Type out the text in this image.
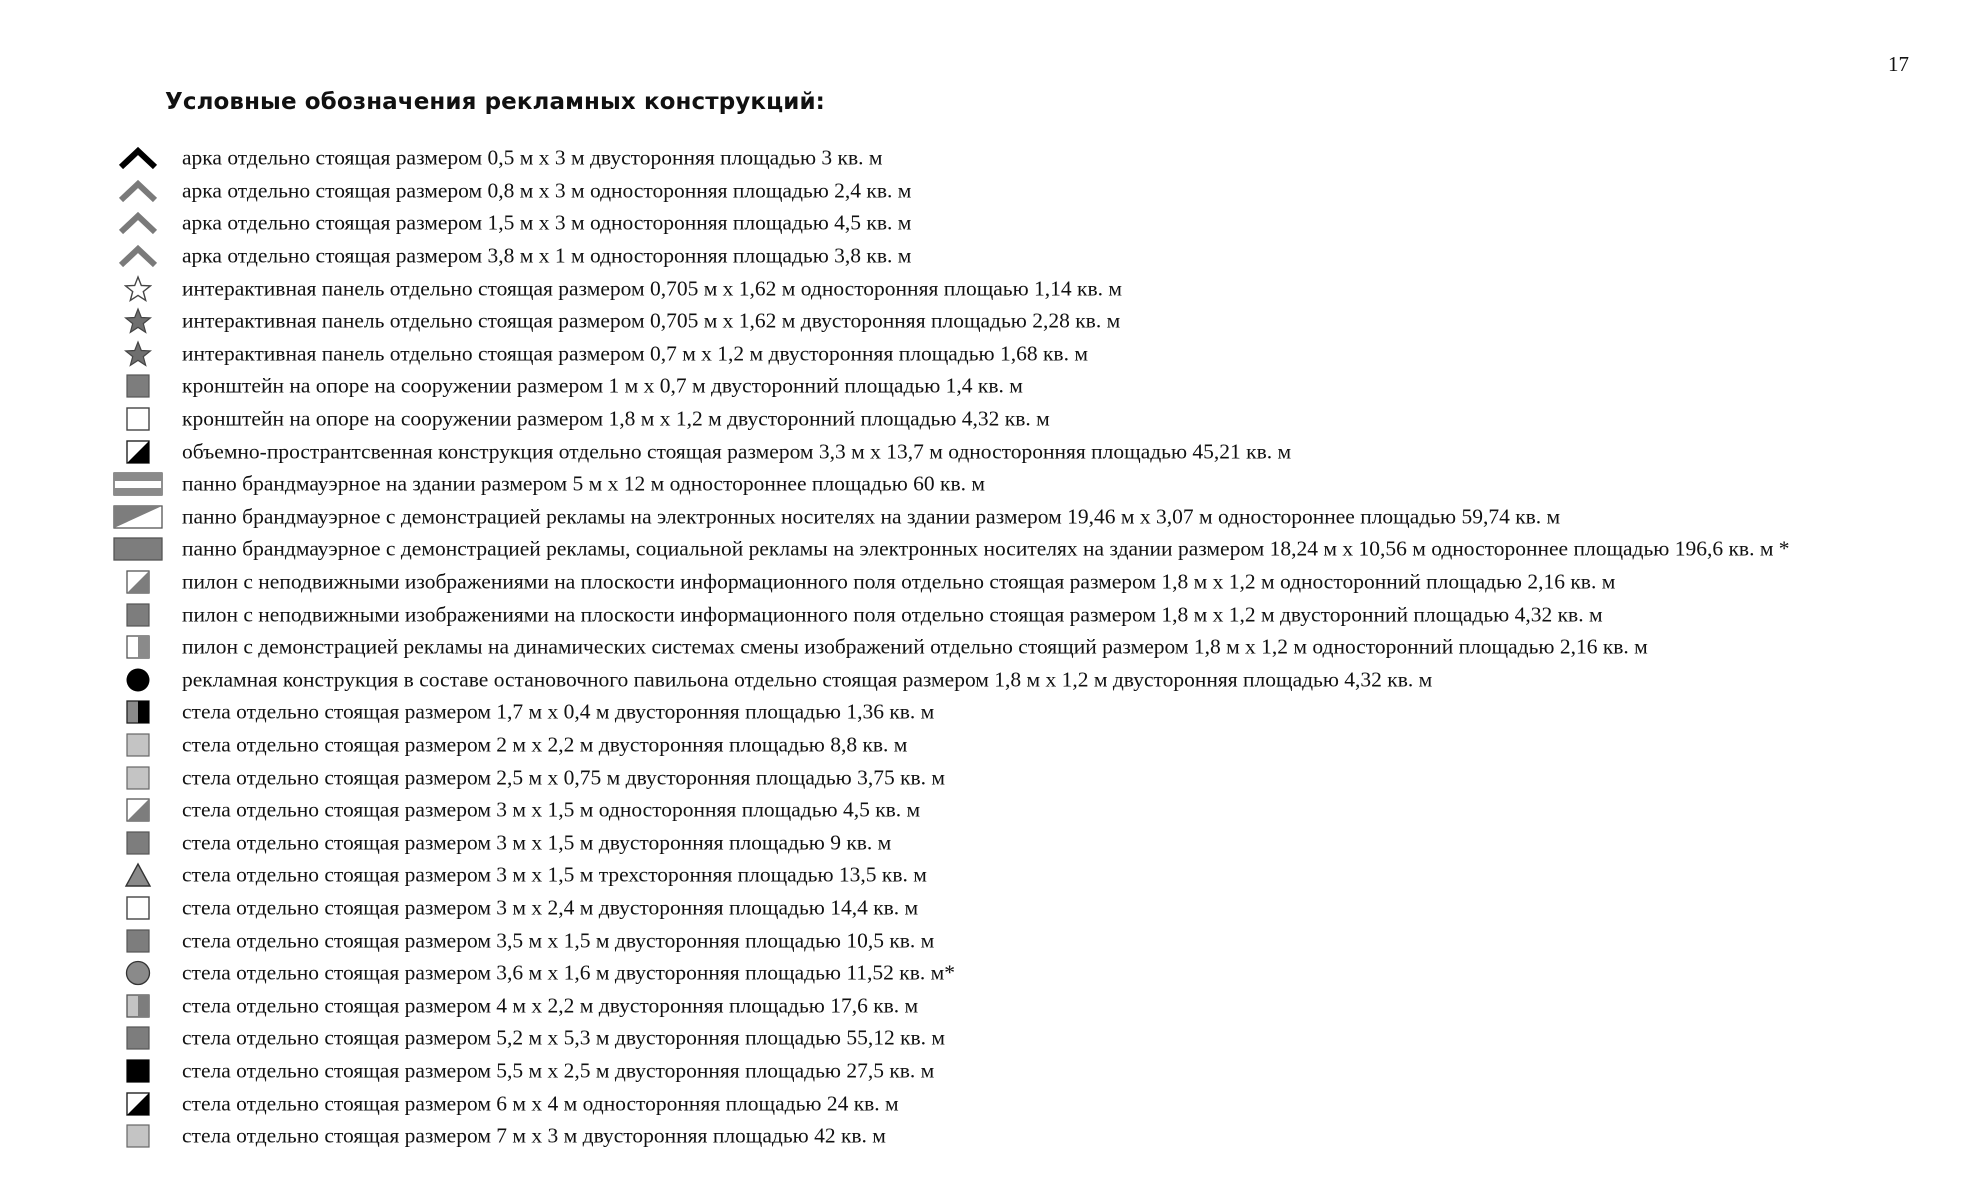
17
Условные обозначения рекламных конструкций:
арка отдельно стоящая размером 0,5 м х 3 м двусторонняя площадью 3 кв. м
арка отдельно стоящая размером 0,8 м х 3 м односторонняя площадью 2,4 кв. м
арка отдельно стоящая размером 1,5 м х 3 м односторонняя площадью 4,5 кв. м
арка отдельно стоящая размером 3,8 м х 1 м односторонняя площадью 3,8 кв. м
интерактивная панель отдельно стоящая размером 0,705 м х 1,62 м односторонняя площаью 1,14 кв. м
интерактивная панель отдельно стоящая размером 0,705 м х 1,62 м двусторонняя площадью 2,28 кв. м
интерактивная панель отдельно стоящая размером 0,7 м х 1,2 м двусторонняя площадью 1,68 кв. м
кронштейн на опоре на сооружении размером 1 м х 0,7 м двусторонний площадью 1,4 кв. м
кронштейн на опоре на сооружении размером 1,8 м х 1,2 м двусторонний площадью 4,32 кв. м
объемно-пространтсвенная конструкция отдельно стоящая размером 3,3 м х 13,7 м односторонняя площадью 45,21 кв. м
панно брандмауэрное на здании размером 5 м х 12 м одностороннее площадью 60 кв. м
панно брандмауэрное с демонстрацией рекламы на электронных носителях на здании размером 19,46 м х 3,07 м одностороннее площадью 59,74 кв. м
панно брандмауэрное с демонстрацией рекламы, социальной рекламы на электронных носителях на здании размером 18,24 м х 10,56 м одностороннее площадью 196,6 кв. м *
пилон с неподвижными изображениями на плоскости информационного поля отдельно стоящая размером 1,8 м х 1,2 м односторонний площадью 2,16 кв. м
пилон с неподвижными изображениями на плоскости информационного поля отдельно стоящая размером 1,8 м х 1,2 м двусторонний площадью 4,32 кв. м
пилон с демонстрацией рекламы на динамических системах смены изображений отдельно стоящий размером 1,8 м х 1,2 м односторонний площадью 2,16 кв. м
рекламная конструкция в составе остановочного павильона отдельно стоящая размером 1,8 м х 1,2 м двусторонняя площадью 4,32 кв. м
стела отдельно стоящая размером 1,7 м х 0,4 м двусторонняя площадью 1,36 кв. м
стела отдельно стоящая размером 2 м х 2,2 м двусторонняя площадью 8,8 кв. м
стела отдельно стоящая размером 2,5 м х 0,75 м двусторонняя площадью 3,75 кв. м
стела отдельно стоящая размером 3 м х 1,5 м односторонняя площадью 4,5 кв. м
стела отдельно стоящая размером 3 м х 1,5 м двусторонняя площадью 9 кв. м
стела отдельно стоящая размером 3 м х 1,5 м трехсторонняя площадью 13,5 кв. м
стела отдельно стоящая размером 3 м х 2,4 м двусторонняя площадью 14,4 кв. м
стела отдельно стоящая размером 3,5 м х 1,5 м двусторонняя площадью 10,5 кв. м
стела отдельно стоящая размером 3,6 м х 1,6 м двусторонняя площадью 11,52 кв. м*
стела отдельно стоящая размером 4 м х 2,2 м двусторонняя площадью 17,6 кв. м
стела отдельно стоящая размером 5,2 м х 5,3 м двусторонняя площадью 55,12 кв. м
стела отдельно стоящая размером 5,5 м х 2,5 м двусторонняя площадью 27,5 кв. м
стела отдельно стоящая размером 6 м х 4 м односторонняя площадью 24 кв. м
стела отдельно стоящая размером 7 м х 3 м двусторонняя площадью 42 кв. м
